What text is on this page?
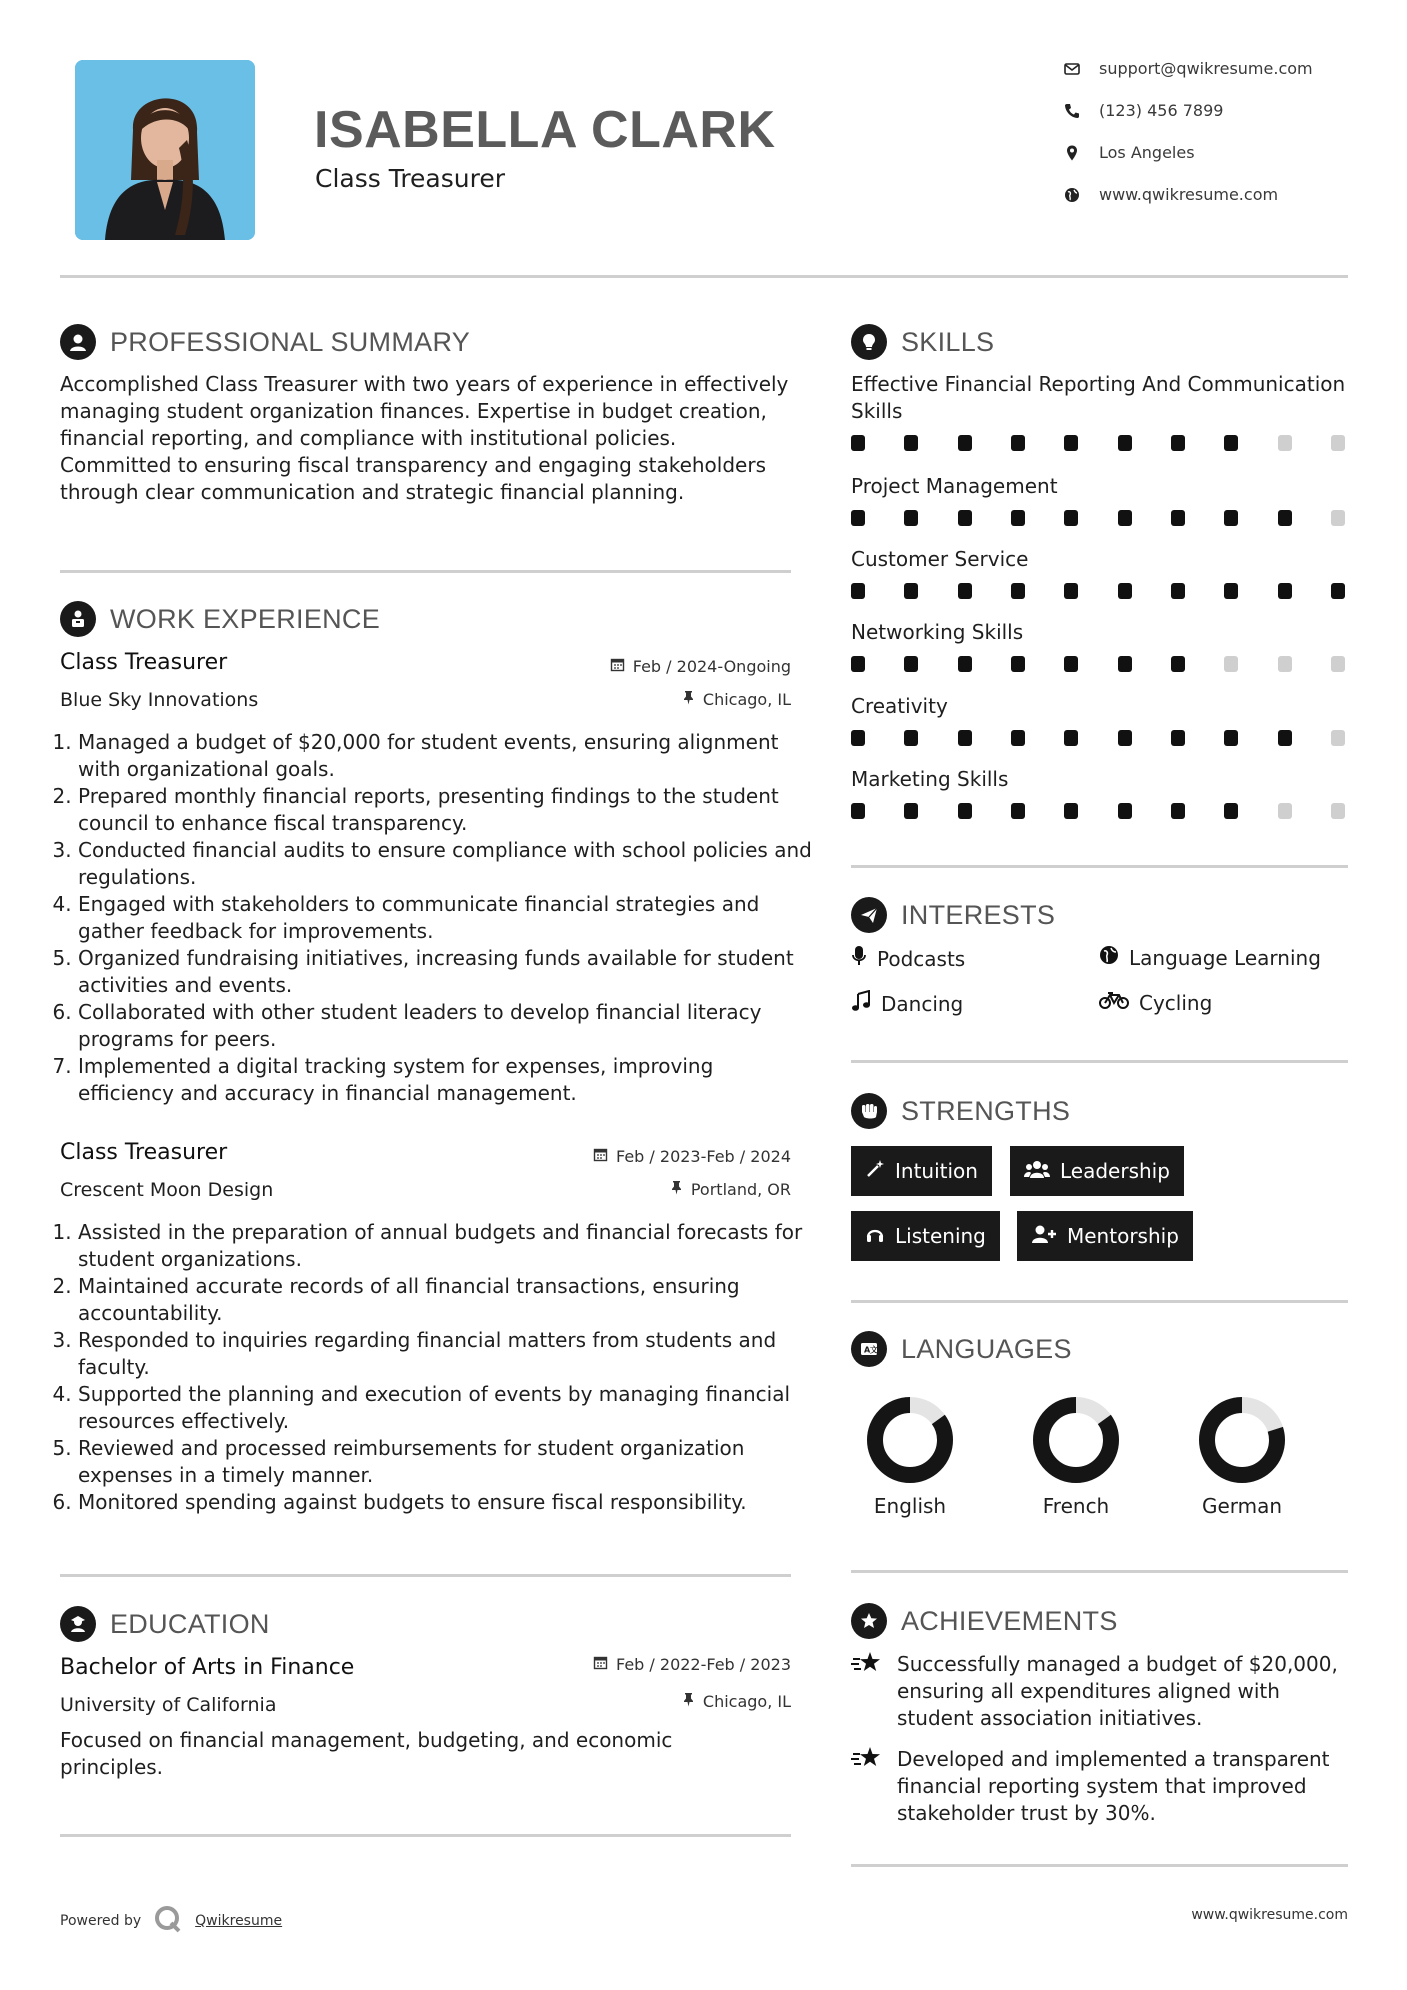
ISABELLA CLARK
Class Treasurer
support@qwikresume.com
(123) 456 7899
Los Angeles
www.qwikresume.com
PROFESSIONAL SUMMARY
Accomplished Class Treasurer with two years of experience in effectively managing student organization finances. Expertise in budget creation, financial reporting, and compliance with institutional policies. Committed to ensuring fiscal transparency and engaging stakeholders through clear communication and strategic financial planning.
WORK EXPERIENCE
Class Treasurer	Feb / 2024-Ongoing
Blue Sky Innovations	Chicago, IL
1. Managed a budget of $20,000 for student events, ensuring alignment with organizational goals.
2. Prepared monthly financial reports, presenting findings to the student council to enhance fiscal transparency.
3. Conducted financial audits to ensure compliance with school policies and regulations.
4. Engaged with stakeholders to communicate financial strategies and gather feedback for improvements.
5. Organized fundraising initiatives, increasing funds available for student activities and events.
6. Collaborated with other student leaders to develop financial literacy programs for peers.
7. Implemented a digital tracking system for expenses, improving efficiency and accuracy in financial management.
Class Treasurer	Feb / 2023-Feb / 2024
Crescent Moon Design	Portland, OR
1. Assisted in the preparation of annual budgets and financial forecasts for student organizations.
2. Maintained accurate records of all financial transactions, ensuring accountability.
3. Responded to inquiries regarding financial matters from students and faculty.
4. Supported the planning and execution of events by managing financial resources effectively.
5. Reviewed and processed reimbursements for student organization expenses in a timely manner.
6. Monitored spending against budgets to ensure fiscal responsibility.
EDUCATION
Bachelor of Arts in Finance	Feb / 2022-Feb / 2023
University of California	Chicago, IL
Focused on financial management, budgeting, and economic principles.
SKILLS
Effective Financial Reporting And Communication Skills
Project Management
Customer Service
Networking Skills
Creativity
Marketing Skills
INTERESTS
Podcasts	Language Learning
Dancing	Cycling
STRENGTHS
Intuition	Leadership
Listening	Mentorship
A 文 LANGUAGES
English	French	German
ACHIEVEMENTS
Successfully managed a budget of $20,000, ensuring all expenditures aligned with student association initiatives.
Developed and implemented a transparent financial reporting system that improved stakeholder trust by 30%.
Powered by	Qwikresume	www.qwikresume.com
